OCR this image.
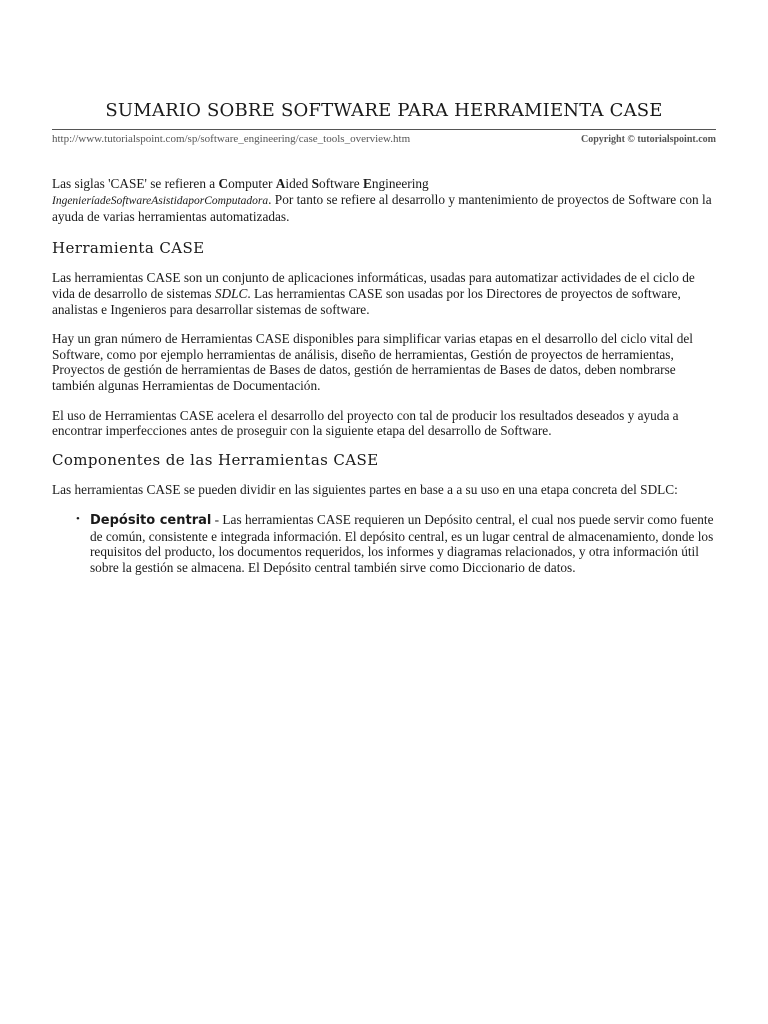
SUMARIO SOBRE SOFTWARE PARA HERRAMIENTA CASE
http://www.tutorialspoint.com/sp/software_engineering/case_tools_overview.htm	Copyright © tutorialspoint.com

Las siglas 'CASE' se refieren a Computer Aided Software Engineering
IngenieríadeSoftwareAsistidaporComputadora. Por tanto se refiere al desarrollo y mantenimiento de proyectos de Software con la ayuda de varias herramientas automatizadas.

Herramienta CASE

Las herramientas CASE son un conjunto de aplicaciones informáticas, usadas para automatizar actividades de el ciclo de vida de desarrollo de sistemas SDLC. Las herramientas CASE son usadas por los Directores de proyectos de software, analistas e Ingenieros para desarrollar sistemas de software.

Hay un gran número de Herramientas CASE disponibles para simplificar varias etapas en el desarrollo del ciclo vital del Software, como por ejemplo herramientas de análisis, diseño de herramientas, Gestión de proyectos de herramientas, Proyectos de gestión de herramientas de Bases de datos, gestión de herramientas de Bases de datos, deben nombrarse también algunas Herramientas de Documentación.

El uso de Herramientas CASE acelera el desarrollo del proyecto con tal de producir los resultados deseados y ayuda a encontrar imperfecciones antes de proseguir con la siguiente etapa del desarrollo de Software.

Componentes de las Herramientas CASE

Las herramientas CASE se pueden dividir en las siguientes partes en base a a su uso en una etapa concreta del SDLC:

• Depósito central - Las herramientas CASE requieren un Depósito central, el cual nos puede servir como fuente de común, consistente e integrada información. El depósito central, es un lugar central de almacenamiento, donde los requisitos del producto, los documentos requeridos, los informes y diagramas relacionados, y otra información útil sobre la gestión se almacena. El Depósito central también sirve como Diccionario de datos.
